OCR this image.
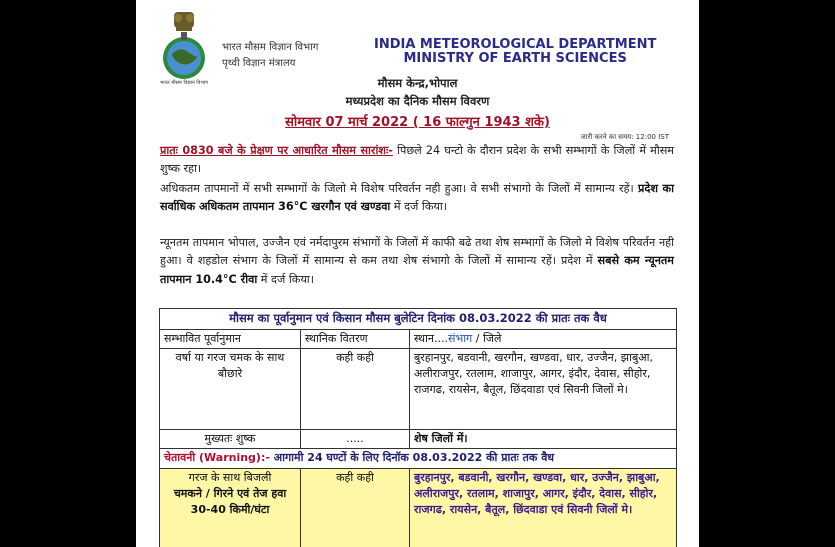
भारत मौसम विज्ञान विभाग
भारत मौसम विज्ञान विभाग
पृथ्वी विज्ञान मंत्रालय
INDIA METEOROLOGICAL DEPARTMENT
MINISTRY OF EARTH SCIENCES
मौसम केन्द्र,भोपाल
मध्यप्रदेश का दैनिक मौसम विवरण
सोमवार 07 मार्च 2022 ( 16 फाल्गुन 1943 शके)
जारी करने का समय: 12:00 IST
प्रातः 0830 बजे के प्रेक्षण पर आधारित मौसम सारांशः- पिछले 24 घन्टो के दौरान प्रदेश के सभी सम्भागों के जिलों में मौसम शुष्क रहा।
अधिकतम तापमानों में सभी सम्भागों के जिलो मे विशेष परिवर्तन नही हुआ। वे सभी संभागो के जिलों में सामान्य रहें। प्रदेश का सर्वाधिक अधिकतम तापमान 36°C खरगौन एवं खण्डवा में दर्ज किया।
न्यूनतम तापमान भोपाल, उज्जैन एवं नर्मदापुरम संभागों के जिलों में काफी बढे तथा शेष सम्भागों के जिलो मे विशेष परिवर्तन नही हुआ। वे शहडोल संभाग के जिलों में सामान्य से कम तथा शेष संभागो के जिलों में सामान्य रहें। प्रदेश में सबसे कम न्यूनतम तापमान 10.4°C रीवा में दर्ज किया।
मौसम का पूर्वानुमान एवं किसान मौसम बुलेटिन दिनांक 08.03.2022 की प्रातः तक वैध		
सम्भावित पूर्वानुमान	स्थानिक वितरण	स्थान....संभाग / जिले
वर्षा या गरज चमक के साथ बौछारे	कही कही	बुरहानपुर, बडवानी, खरगौन, खण्डवा, धार, उज्जैन, झाबुआ, अलीराजपुर, रतलाम, शाजापुर, आगर, इंदौर, देवास, सीहोर, राजगढ, रायसेन, बैतूल, छिंदवाडा एवं सिवनी जिलों मे।
मुख्यतः शुष्क	.....	शेष जिलों में।
चेतावनी (Warning):- आगामी 24 घण्टों के लिए दिनॉक 08.03.2022 की प्रातः तक वैध		
गरज के साथ बिजली
चमकने / गिरने एवं तेज हवा 30-40 किमी/घंटा	कही कही	बुरहानपुर, बडवानी, खरगौन, खण्डवा, धार, उज्जैन, झाबुआ, अलीराजपुर, रतलाम, शाजापुर, आगर, इंदौर, देवास, सीहोर, राजगढ, रायसेन, बैतूल, छिंदवाडा एवं सिवनी जिलों मे।
